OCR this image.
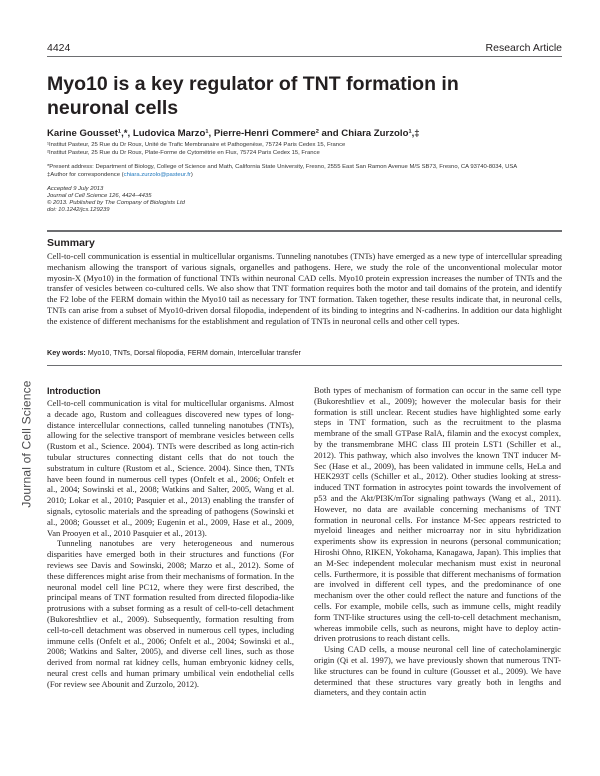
4424	Research Article
Journal of Cell Science
Myo10 is a key regulator of TNT formation in neuronal cells
Karine Gousset¹,*, Ludovica Marzo¹, Pierre-Henri Commere² and Chiara Zurzolo¹,‡
¹Institut Pasteur, 25 Rue du Dr Roux, Unité de Trafic Membranaire et Pathogenèse, 75724 Paris Cedex 15, France
²Institut Pasteur, 25 Rue du Dr Roux, Plate-Forme de Cytométrie en Flux, 75724 Paris Cedex 15, France
*Present address: Department of Biology, College of Science and Math, California State University, Fresno, 2555 East San Ramon Avenue M/S SB73, Fresno, CA 93740-8034, USA
‡Author for correspondence (chiara.zurzolo@pasteur.fr)
Accepted 9 July 2013
Journal of Cell Science 126, 4424–4435
© 2013. Published by The Company of Biologists Ltd
doi: 10.1242/jcs.129239
Summary

Cell-to-cell communication is essential in multicellular organisms. Tunneling nanotubes (TNTs) have emerged as a new type of intercellular spreading mechanism allowing the transport of various signals, organelles and pathogens. Here, we study the role of the unconventional molecular motor myosin-X (Myo10) in the formation of functional TNTs within neuronal CAD cells. Myo10 protein expression increases the number of TNTs and the transfer of vesicles between co-cultured cells. We also show that TNT formation requires both the motor and tail domains of the protein, and identify the F2 lobe of the FERM domain within the Myo10 tail as necessary for TNT formation. Taken together, these results indicate that, in neuronal cells, TNTs can arise from a subset of Myo10-driven dorsal filopodia, independent of its binding to integrins and N-cadherins. In addition our data highlight the existence of different mechanisms for the establishment and regulation of TNTs in neuronal cells and other cell types.

Key words: Myo10, TNTs, Dorsal filopodia, FERM domain, Intercellular transfer
Introduction

Cell-to-cell communication is vital for multicellular organisms. Almost a decade ago, Rustom and colleagues discovered new types of long-distance intercellular connections, called tunneling nanotubes (TNTs), allowing for the selective transport of membrane vesicles between cells (Rustom et al., Science. 2004). TNTs were described as long actin-rich tubular structures connecting distant cells that do not touch the substratum in culture (Rustom et al., Science. 2004). Since then, TNTs have been found in numerous cell types (Onfelt et al., 2006; Onfelt et al., 2004; Sowinski et al., 2008; Watkins and Salter, 2005, Wang et al. 2010; Lokar et al., 2010; Pasquier et al., 2013) enabling the transfer of signals, cytosolic materials and the spreading of pathogens (Sowinski et al., 2008; Gousset et al., 2009; Eugenin et al., 2009, Hase et al., 2009, Van Prooyen et al., 2010 Pasquier et al., 2013).

Tunneling nanotubes are very heterogeneous and numerous disparities have emerged both in their structures and functions (For reviews see Davis and Sowinski, 2008; Marzo et al., 2012). Some of these differences might arise from their mechanisms of formation. In the neuronal model cell line PC12, where they were first described, the principal means of TNT formation resulted from directed filopodia-like protrusions with a subset forming as a result of cell-to-cell detachment (Bukoreshtliev et al., 2009). Subsequently, formation resulting from cell-to-cell detachment was observed in numerous cell types, including immune cells (Onfelt et al., 2006; Onfelt et al., 2004; Sowinski et al., 2008; Watkins and Salter, 2005), and diverse cell lines, such as those derived from normal rat kidney cells, human embryonic kidney cells, neural crest cells and human primary umbilical vein endothelial cells (For review see Abounit and Zurzolo, 2012).

Both types of mechanism of formation can occur in the same cell type (Bukoreshtliev et al., 2009); however the molecular basis for their formation is still unclear. Recent studies have highlighted some early steps in TNT formation, such as the recruitment to the plasma membrane of the small GTPase RalA, filamin and the exocyst complex, by the transmembrane MHC class III protein LST1 (Schiller et al., 2012). This pathway, which also involves the known TNT inducer M-Sec (Hase et al., 2009), has been validated in immune cells, HeLa and HEK293T cells (Schiller et al., 2012). Other studies looking at stress-induced TNT formation in astrocytes point towards the involvement of p53 and the Akt/PI3K/mTor signaling pathways (Wang et al., 2011). However, no data are available concerning mechanisms of TNT formation in neuronal cells. For instance M-Sec appears restricted to myeloid lineages and neither microarray nor in situ hybridization experiments show its expression in neurons (personal communication; Hiroshi Ohno, RIKEN, Yokohama, Kanagawa, Japan). This implies that an M-Sec independent molecular mechanism must exist in neuronal cells. Furthermore, it is possible that different mechanisms of formation are involved in different cell types, and the predominance of one mechanism over the other could reflect the nature and functions of the cells. For example, mobile cells, such as immune cells, might readily form TNT-like structures using the cell-to-cell detachment mechanism, whereas immobile cells, such as neurons, might have to deploy actin-driven protrusions to reach distant cells.

Using CAD cells, a mouse neuronal cell line of catecholaminergic origin (Qi et al. 1997), we have previously shown that numerous TNT-like structures can be found in culture (Gousset et al., 2009). We have determined that these structures vary greatly both in lengths and diameters, and they contain actin
